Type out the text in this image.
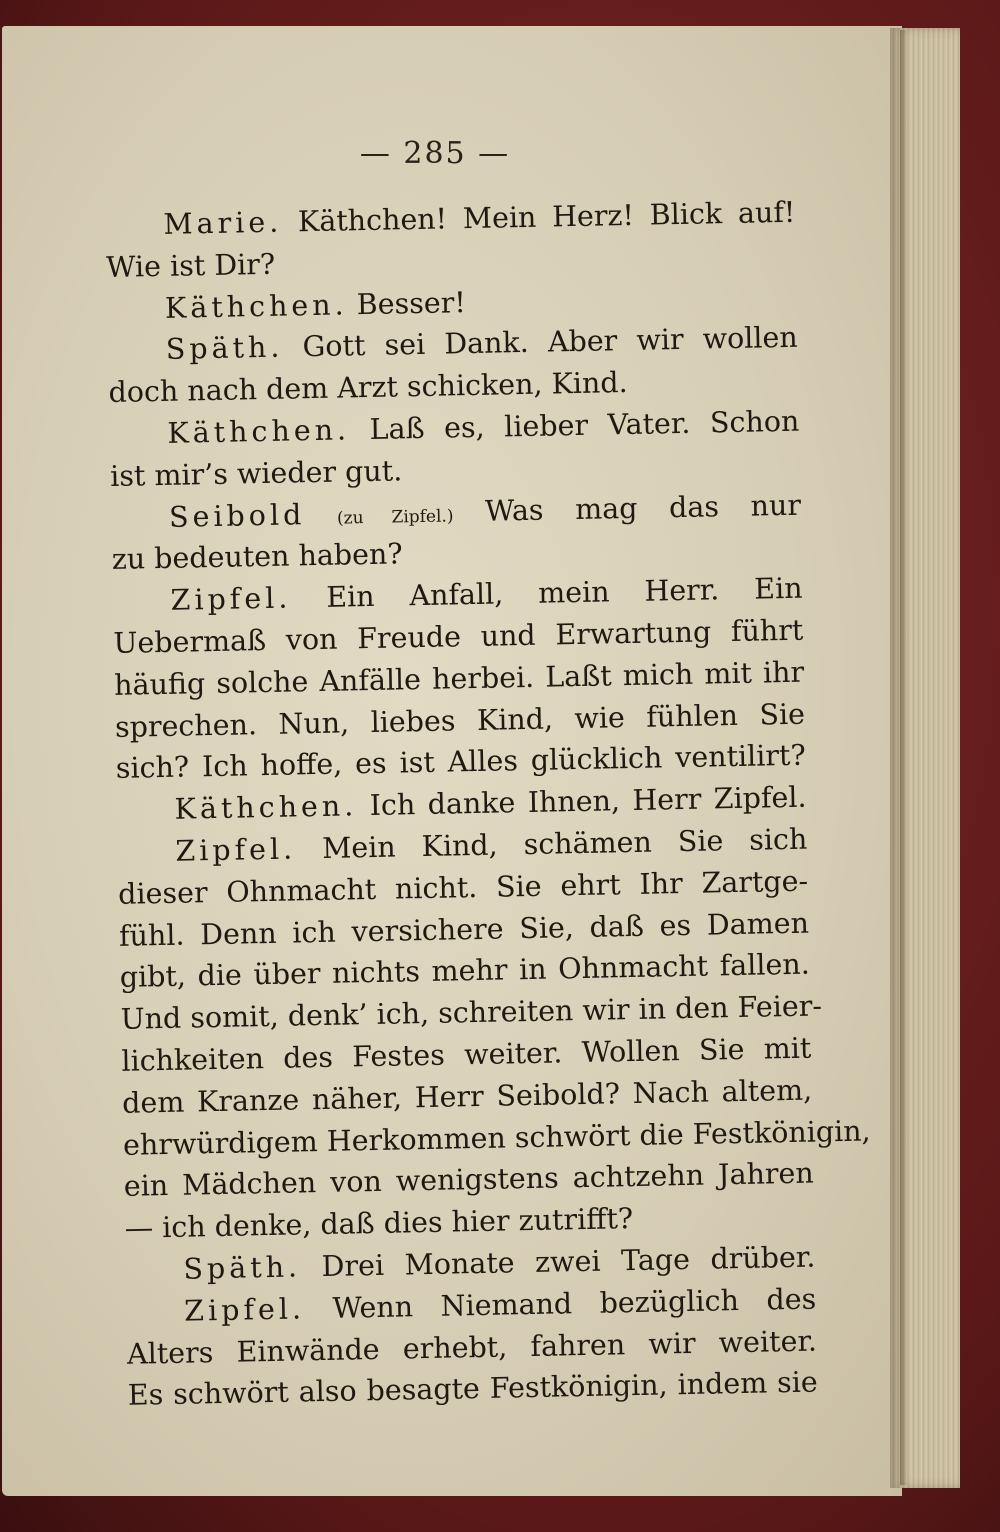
— 285 —
Marie. Käthchen! Mein Herz! Blick auf!
Wie ist Dir?
Käthchen. Besser!
Späth. Gott sei Dank. Aber wir wollen
doch nach dem Arzt schicken, Kind.
Käthchen. Laß es, lieber Vater. Schon
ist mir’s wieder gut.
Seibold (zu Zipfel.) Was mag das nur
zu bedeuten haben?
Zipfel. Ein Anfall, mein Herr. Ein
Uebermaß von Freude und Erwartung führt
häufig solche Anfälle herbei. Laßt mich mit ihr
sprechen. Nun, liebes Kind, wie fühlen Sie
sich? Ich hoffe, es ist Alles glücklich ventilirt?
Käthchen. Ich danke Ihnen, Herr Zipfel.
Zipfel. Mein Kind, schämen Sie sich
dieser Ohnmacht nicht. Sie ehrt Ihr Zartge-
fühl. Denn ich versichere Sie, daß es Damen
gibt, die über nichts mehr in Ohnmacht fallen.
Und somit, denk’ ich, schreiten wir in den Feier-
lichkeiten des Festes weiter. Wollen Sie mit
dem Kranze näher, Herr Seibold? Nach altem,
ehrwürdigem Herkommen schwört die Festkönigin,
ein Mädchen von wenigstens achtzehn Jahren
— ich denke, daß dies hier zutrifft?
Späth. Drei Monate zwei Tage drüber.
Zipfel. Wenn Niemand bezüglich des
Alters Einwände erhebt, fahren wir weiter.
Es schwört also besagte Festkönigin, indem sie
